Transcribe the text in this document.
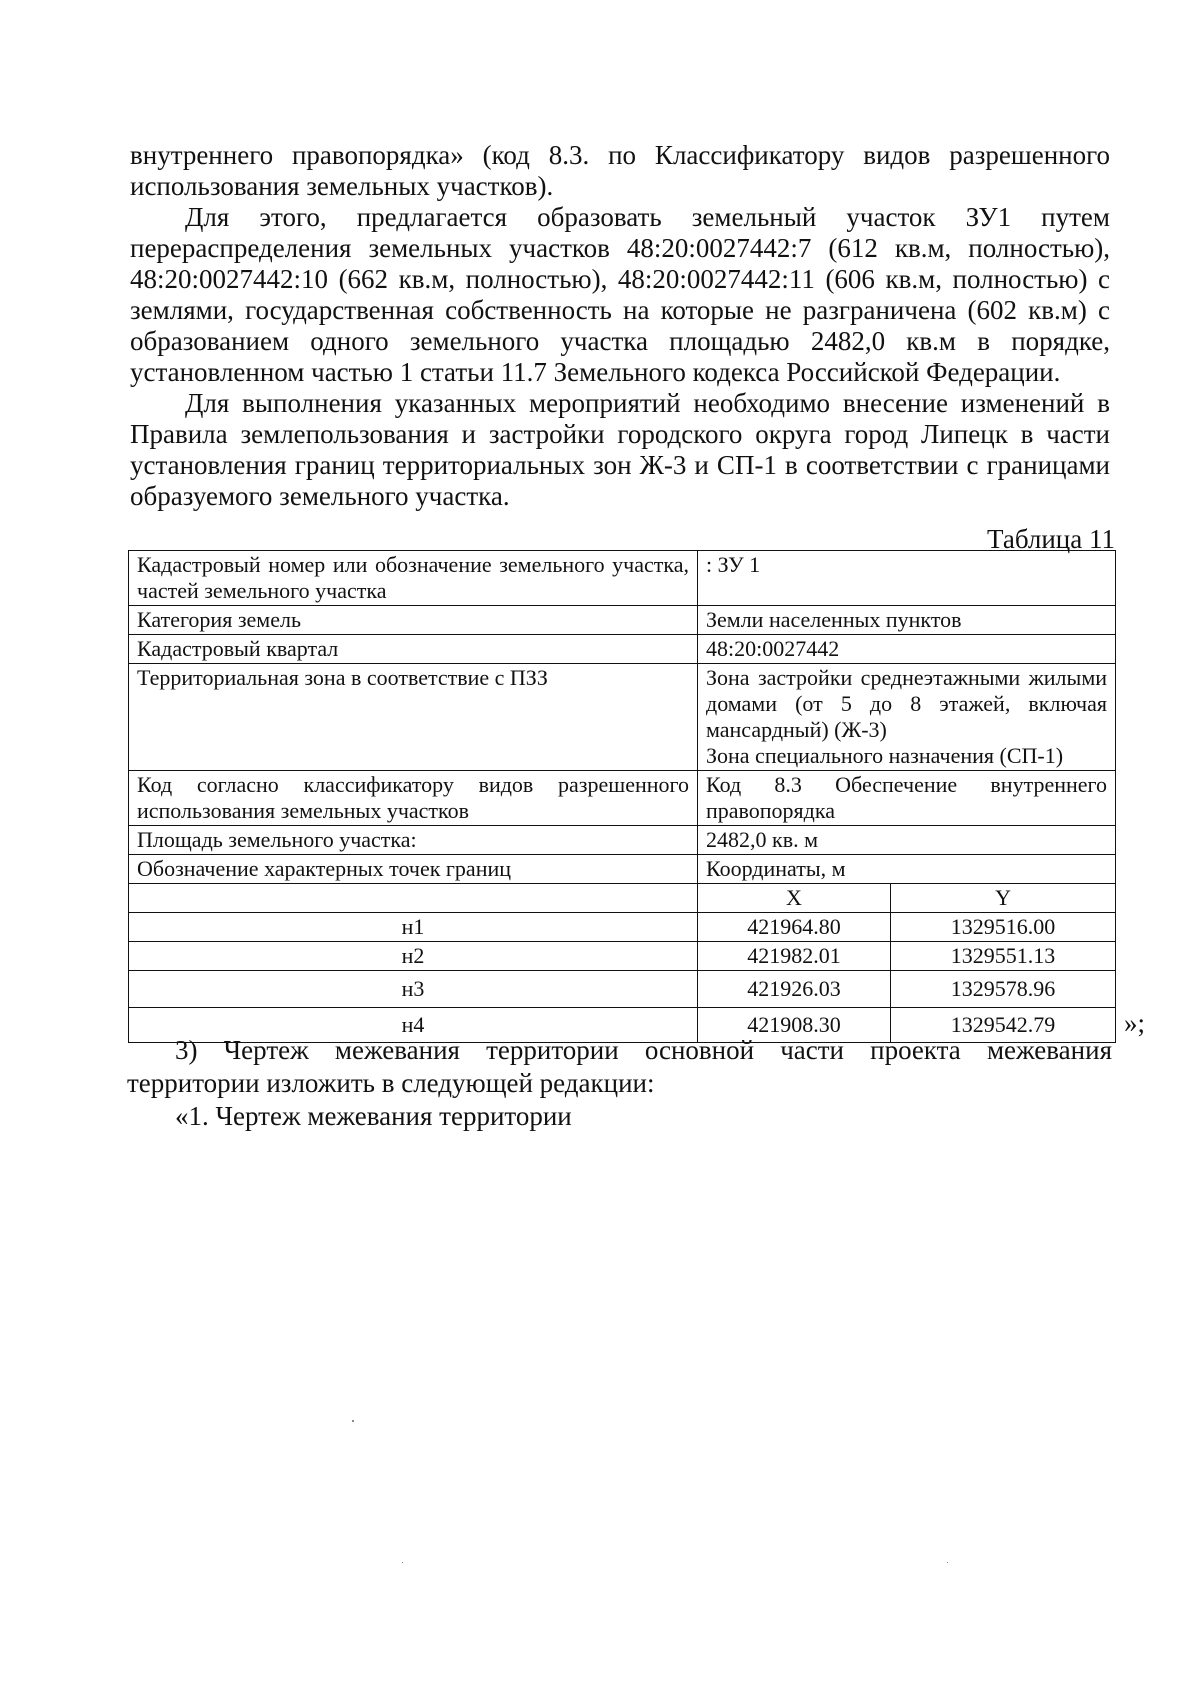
внутреннего правопорядка» (код 8.3. по Классификатору видов разрешенного использования земельных участков).

Для этого, предлагается образовать земельный участок ЗУ1 путем перераспределения земельных участков 48:20:0027442:7 (612 кв.м, полностью), 48:20:0027442:10 (662 кв.м, полностью), 48:20:0027442:11 (606 кв.м, полностью) с землями, государственная собственность на которые не разграничена (602 кв.м) с образованием одного земельного участка площадью 2482,0 кв.м в порядке, установленном частью 1 статьи 11.7 Земельного кодекса Российской Федерации.

Для выполнения указанных мероприятий необходимо внесение изменений в Правила землепользования и застройки городского округа город Липецк в части установления границ территориальных зон Ж-3 и СП-1 в соответствии с границами образуемого земельного участка.

Таблица 11
Кадастровый номер или обозначение земельного участка, частей земельного участка	: ЗУ 1	
Категория земель	Земли населенных пунктов	
Кадастровый квартал	48:20:0027442	
Территориальная зона в соответствие с ПЗЗ	Зона застройки среднеэтажными жилыми домами (от 5 до 8 этажей, включая мансардный) (Ж-3)
Зона специального назначения (СП-1)	

Код согласно классификатору видов разрешенного использования земельных участков	Код 8.3 Обеспечение внутреннего правопорядка	
Площадь земельного участка:	2482,0 кв. м	
Обозначение характерных точек границ	Координаты, м	
	X	Y
н1	421964.80	1329516.00
н2	421982.01	1329551.13
н3	421926.03	1329578.96
н4	421908.30	1329542.79	»;

3) Чертеж межевания территории основной части проекта межевания территории изложить в следующей редакции:

«1. Чертеж межевания территории
